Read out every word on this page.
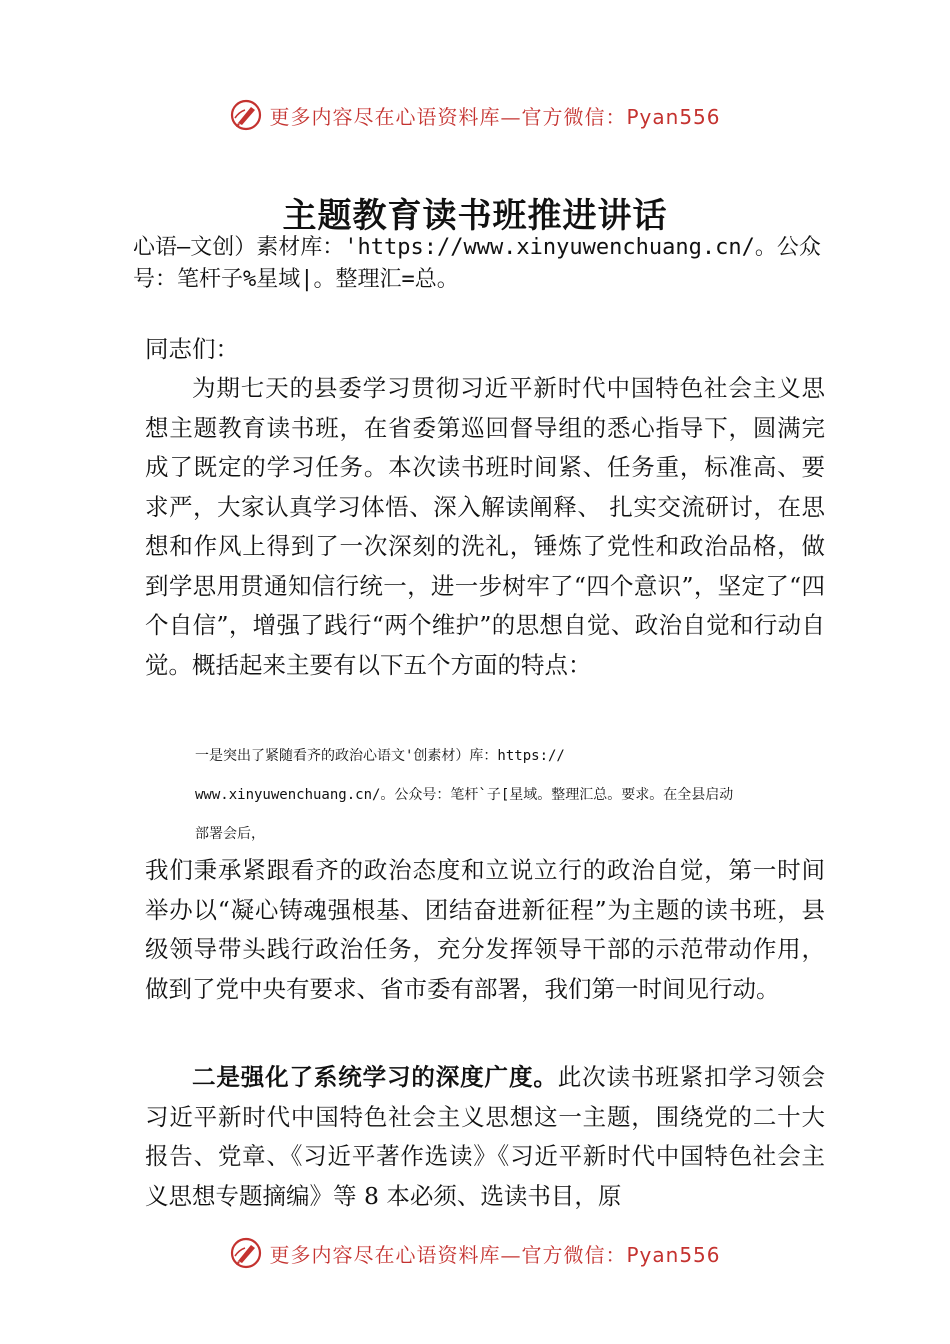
更多内容尽在心语资料库—官方微信：Pyan556
主题教育读书班推进讲话

心语—文创）素材库：'https://www.xinyuwenchuang.cn/。公众号：笔杆子%星域|。整理汇=总。

同志们：

为期七天的县委学习贯彻习近平新时代中国特色社会主义思想主题教育读书班，在省委第巡回督导组的悉心指导下，圆满完成了既定的学习任务。本次读书班时间紧、任务重，标准高、要求严，大家认真学习体悟、深入解读阐释、 扎实交流研讨，在思想和作风上得到了一次深刻的洗礼，锤炼了党性和政治品格，做到学思用贯通知信行统一，进一步树牢了“四个意识”，坚定了“四个自信”，增强了践行“两个维护”的思想自觉、政治自觉和行动自觉。概括起来主要有以下五个方面的特点：

一是突出了紧随看齐的政治心语文'创素材）库：https://

www.xinyuwenchuang.cn/。公众号：笔杆`子[星域。整理汇总。要求。在全县启动

部署会后，

我们秉承紧跟看齐的政治态度和立说立行的政治自觉，第一时间举办以“凝心铸魂强根基、团结奋进新征程”为主题的读书班，县级领导带头践行政治任务，充分发挥领导干部的示范带动作用，做到了党中央有要求、省市委有部署，我们第一时间见行动。

二是强化了系统学习的深度广度。此次读书班紧扣学习领会习近平新时代中国特色社会主义思想这一主题，围绕党的二十大报告、党章、《习近平著作选读》《习近平新时代中国特色社会主义思想专题摘编》等 8 本必须、选读书目，原

更多内容尽在心语资料库—官方微信：Pyan556
